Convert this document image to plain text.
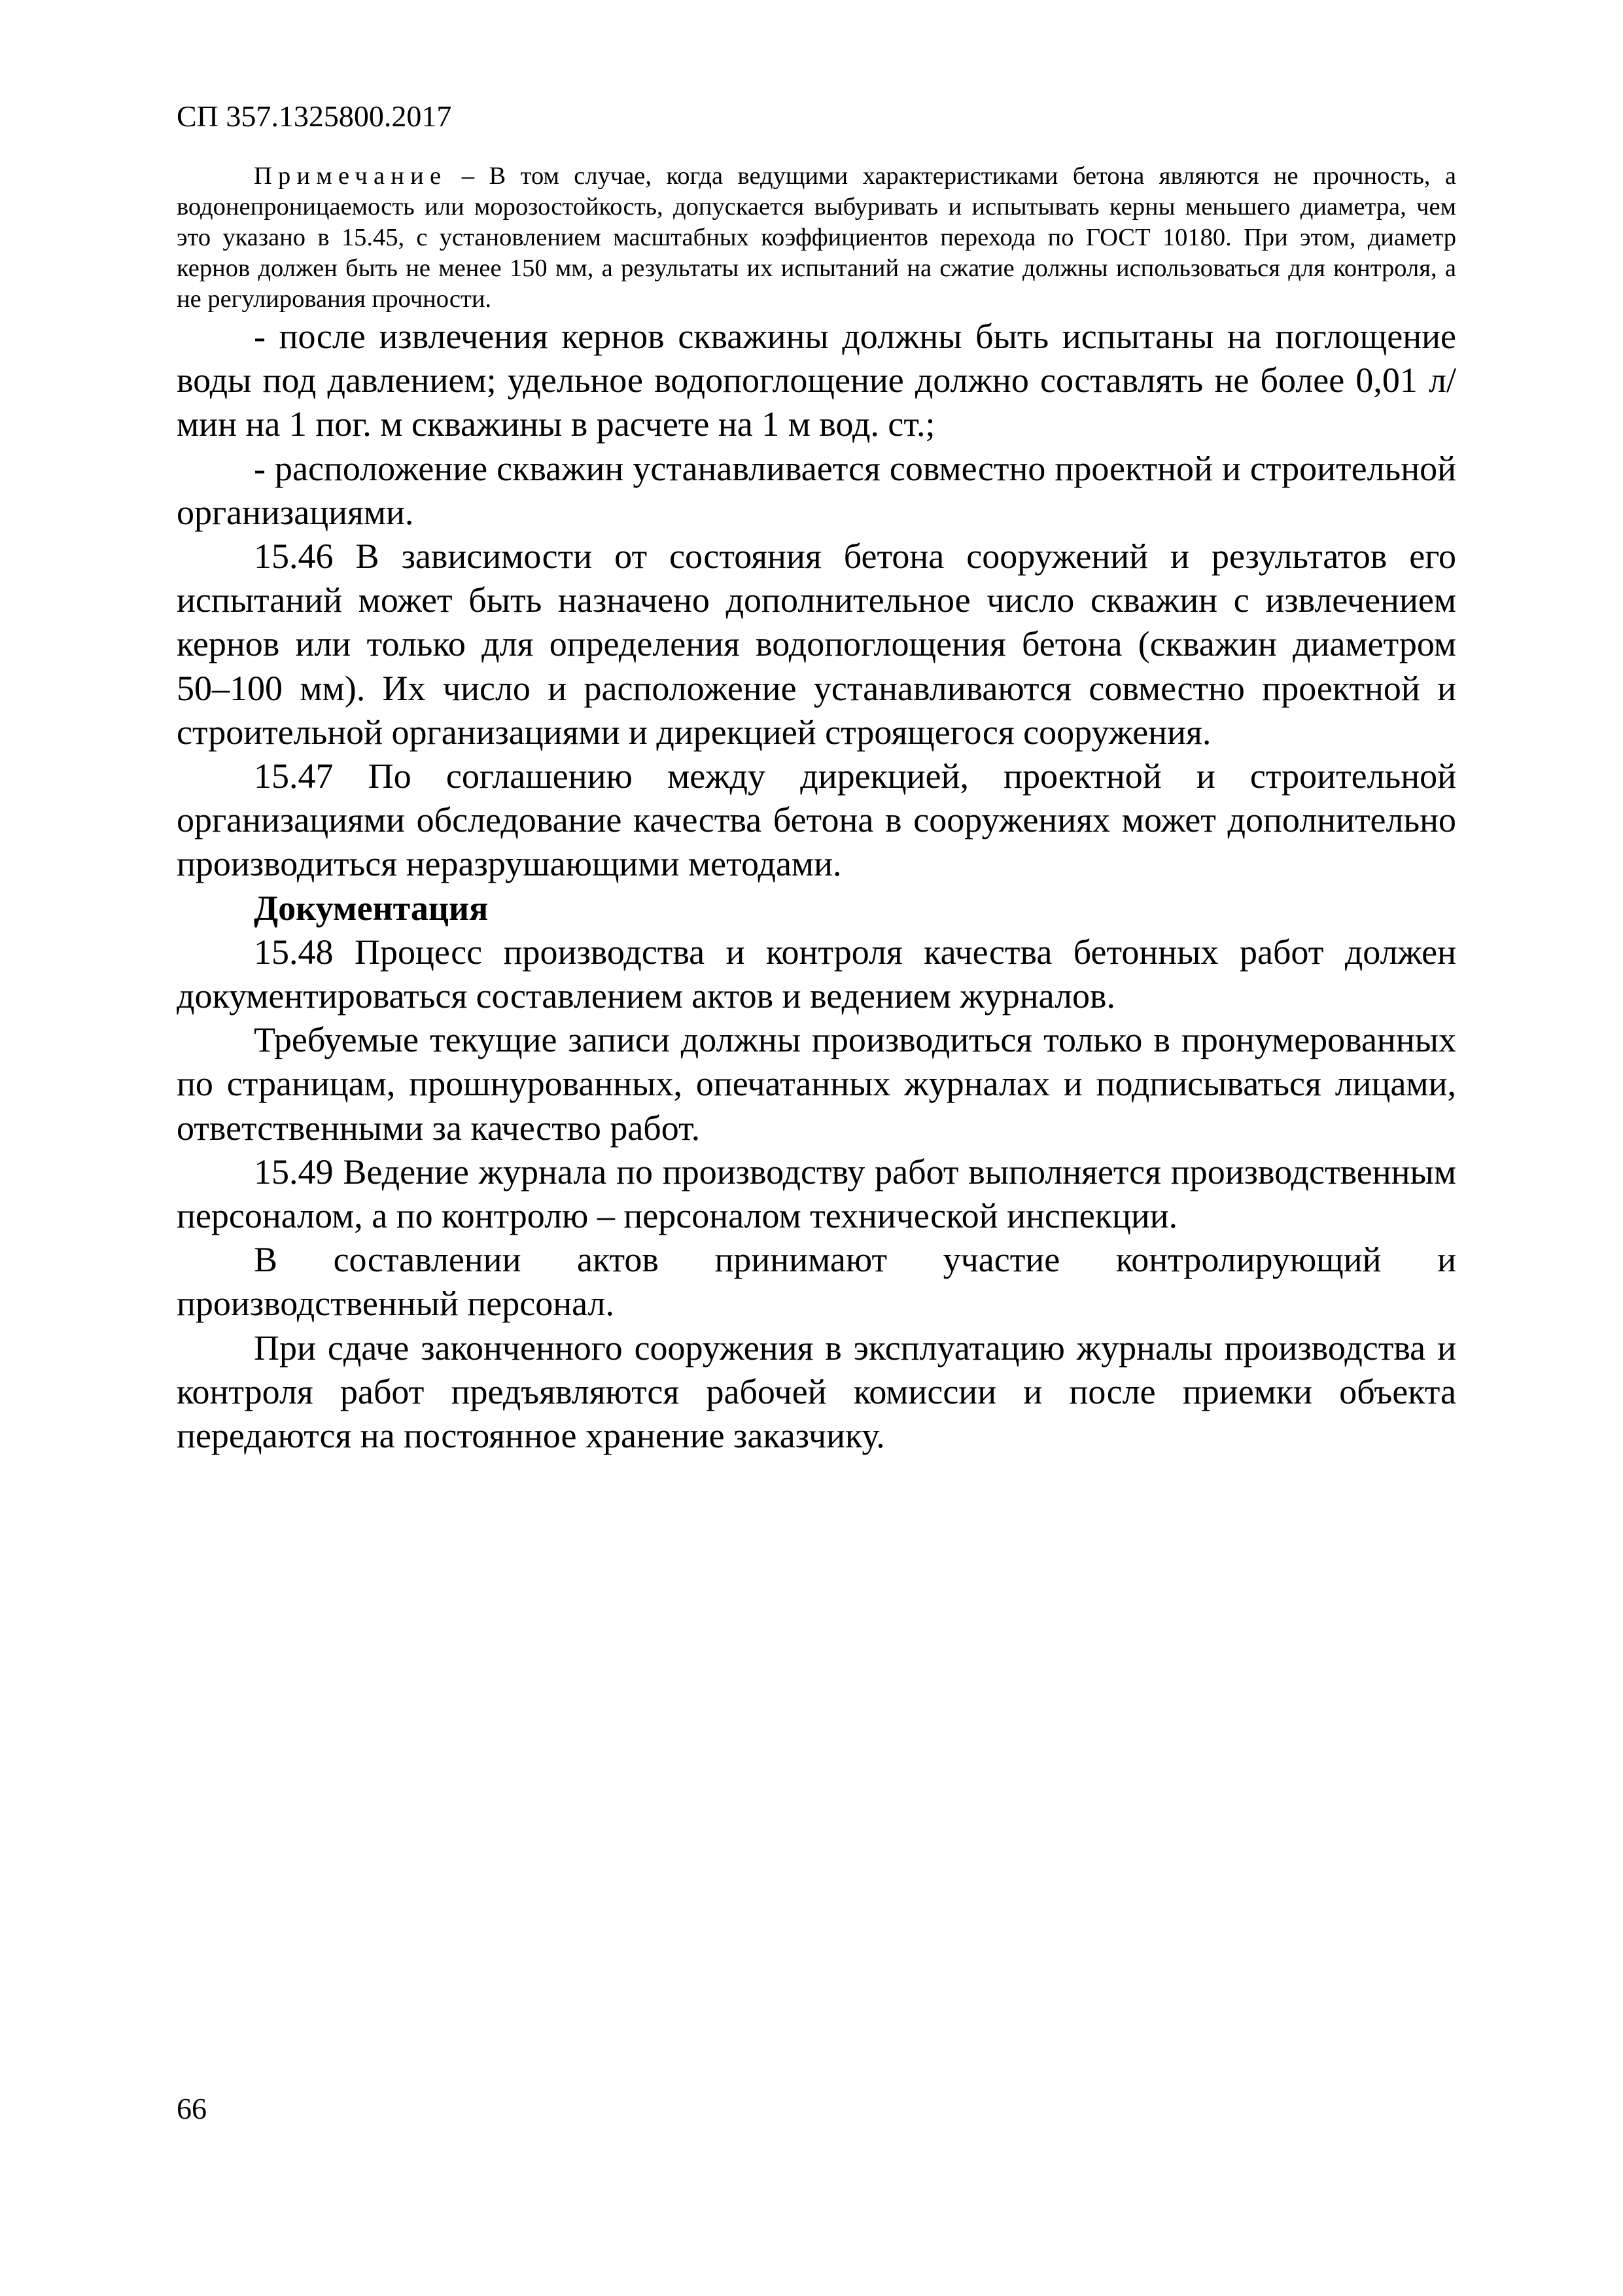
СП 357.1325800.2017

Примечание – В том случае, когда ведущими характеристиками бетона являются не прочность, а водонепроницаемость или морозостойкость, допускается выбуривать и испытывать керны меньшего диаметра, чем это указано в 15.45, с установлением масштабных коэффициентов перехода по ГОСТ 10180. При этом, диаметр кернов должен быть не менее 150 мм, а результаты их испытаний на сжатие должны использоваться для контроля, а не регулирования прочности.

- после извлечения кернов скважины должны быть испытаны на поглощение воды под давлением; удельное водопоглощение должно составлять не более 0,01 л/мин на 1 пог. м скважины в расчете на 1 м вод. ст.;

- расположение скважин устанавливается совместно проектной и строительной организациями.

15.46 В зависимости от состояния бетона сооружений и результатов его испытаний может быть назначено дополнительное число скважин с извлечением кернов или только для определения водопоглощения бетона (скважин диаметром 50–100 мм). Их число и расположение устанавливаются совместно проектной и строительной организациями и дирекцией строящегося сооружения.

15.47 По соглашению между дирекцией, проектной и строительной организациями обследование качества бетона в сооружениях может дополнительно производиться неразрушающими методами.

Документация

15.48 Процесс производства и контроля качества бетонных работ должен документироваться составлением актов и ведением журналов.

Требуемые текущие записи должны производиться только в пронумерованных по страницам, прошнурованных, опечатанных журналах и подписываться лицами, ответственными за качество работ.

15.49 Ведение журнала по производству работ выполняется производственным персоналом, а по контролю – персоналом технической инспекции.

В составлении актов принимают участие контролирующий и производственный персонал.

При сдаче законченного сооружения в эксплуатацию журналы производства и контроля работ предъявляются рабочей комиссии и после приемки объекта передаются на постоянное хранение заказчику.

66
